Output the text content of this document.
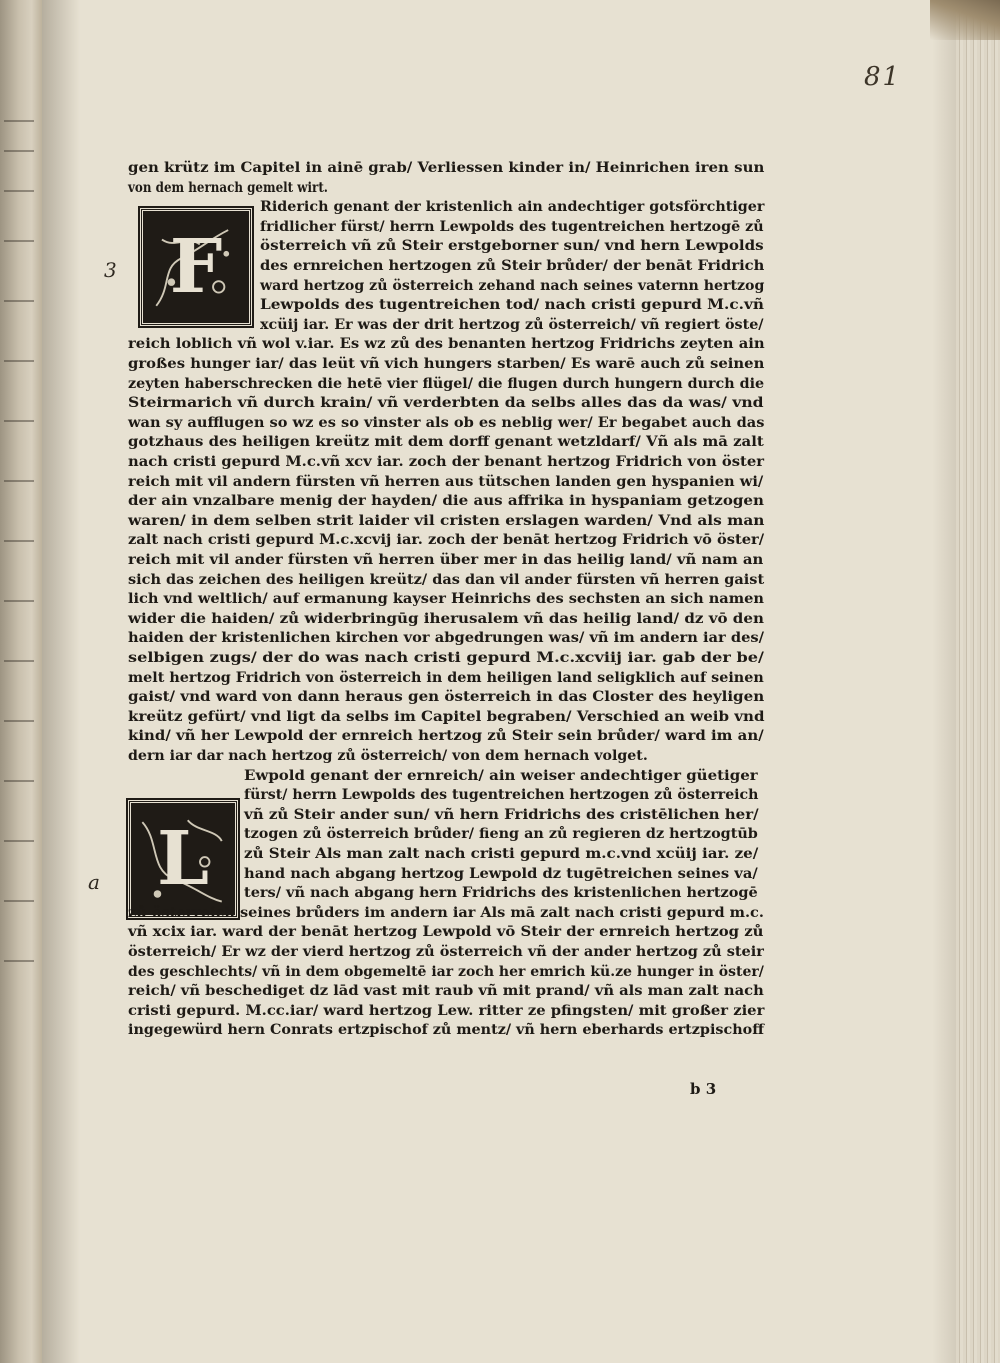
81
3
a
F
L
gen krütz im Capitel in ainē grab/ Verliessen kinder in/ Heinrichen iren sun
von dem hernach gemelt wirt.
Riderich genant der kristenlich ain andechtiger gotsförchtiger
fridlicher fürst/ herrn Lewpolds des tugentreichen hertzogē zů
österreich vñ zů Steir erstgeborner sun/ vnd hern Lewpolds
des ernreichen hertzogen zů Steir brůder/ der benāt Fridrich
ward hertzog zů österreich zehand nach seines vaternn hertzog
Lewpolds des tugentreichen tod/ nach cristi gepurd M.c.vñ
xcüij iar. Er was der drit hertzog zů österreich/ vñ regiert öste/
reich loblich vñ wol v.iar. Es wz zů des benanten hertzog Fridrichs zeyten ain
großes hunger iar/ das leüt vñ vich hungers starben/ Es warē auch zů seinen
zeyten haberschrecken die hetē vier flügel/ die flugen durch hungern durch die
Steirmarich vñ durch krain/ vñ verderbten da selbs alles das da was/ vnd
wan sy aufflugen so wz es so vinster als ob es neblig wer/ Er begabet auch das
gotzhaus des heiligen kreütz mit dem dorff genant wetzldarf/ Vñ als mā zalt
nach cristi gepurd M.c.vñ xcv iar. zoch der benant hertzog Fridrich von öster
reich mit vil andern fürsten vñ herren aus tütschen landen gen hyspanien wi/
der ain vnzalbare menig der hayden/ die aus affrika in hyspaniam getzogen
waren/ in dem selben strit laider vil cristen erslagen warden/ Vnd als man
zalt nach cristi gepurd M.c.xcvij iar. zoch der benāt hertzog Fridrich vō öster/
reich mit vil ander fürsten vñ herren über mer in das heilig land/ vñ nam an
sich das zeichen des heiligen kreütz/ das dan vil ander fürsten vñ herren gaist
lich vnd weltlich/ auf ermanung kayser Heinrichs des sechsten an sich namen
wider die haiden/ zů widerbringūg iherusalem vñ das heilig land/ dz vō den
haiden der kristenlichen kirchen vor abgedrungen was/ vñ im andern iar des/
selbigen zugs/ der do was nach cristi gepurd M.c.xcviij iar. gab der be/
melt hertzog Fridrich von österreich in dem heiligen land seligklich auf seinen
gaist/ vnd ward von dann heraus gen österreich in das Closter des heyligen
kreütz gefürt/ vnd ligt da selbs im Capitel begraben/ Verschied an weib vnd
kind/ vñ her Lewpold der ernreich hertzog zů Steir sein brůder/ ward im an/
dern iar dar nach hertzog zů österreich/ von dem hernach volget.
Ewpold genant der ernreich/ ain weiser andechtiger güetiger
fürst/ herrn Lewpolds des tugentreichen hertzogen zů österreich
vñ zů Steir ander sun/ vñ hern Fridrichs des cristēlichen her/
tzogen zů österreich brůder/ fieng an zů regieren dz hertzogtūb
zů Steir Als man zalt nach cristi gepurd m.c.vnd xcüij iar. ze/
hand nach abgang hertzog Lewpold dz tugētreichen seines va/
ters/ vñ nach abgang hern Fridrichs des kristenlichen hertzogē
zů österreich seines brůders im andern iar Als mā zalt nach cristi gepurd m.c.
vñ xcix iar. ward der benāt hertzog Lewpold vō Steir der ernreich hertzog zů
österreich/ Er wz der vierd hertzog zů österreich vñ der ander hertzog zů steir
des geschlechts/ vñ in dem obgemeltē iar zoch her emrich kü.ze hunger in öster/
reich/ vñ beschediget dz lād vast mit raub vñ mit prand/ vñ als man zalt nach
cristi gepurd. M.cc.iar/ ward hertzog Lew. ritter ze pfingsten/ mit großer zier
ingegewürd hern Conrats ertzpischof zů mentz/ vñ hern eberhards ertzpischoff
b 3
